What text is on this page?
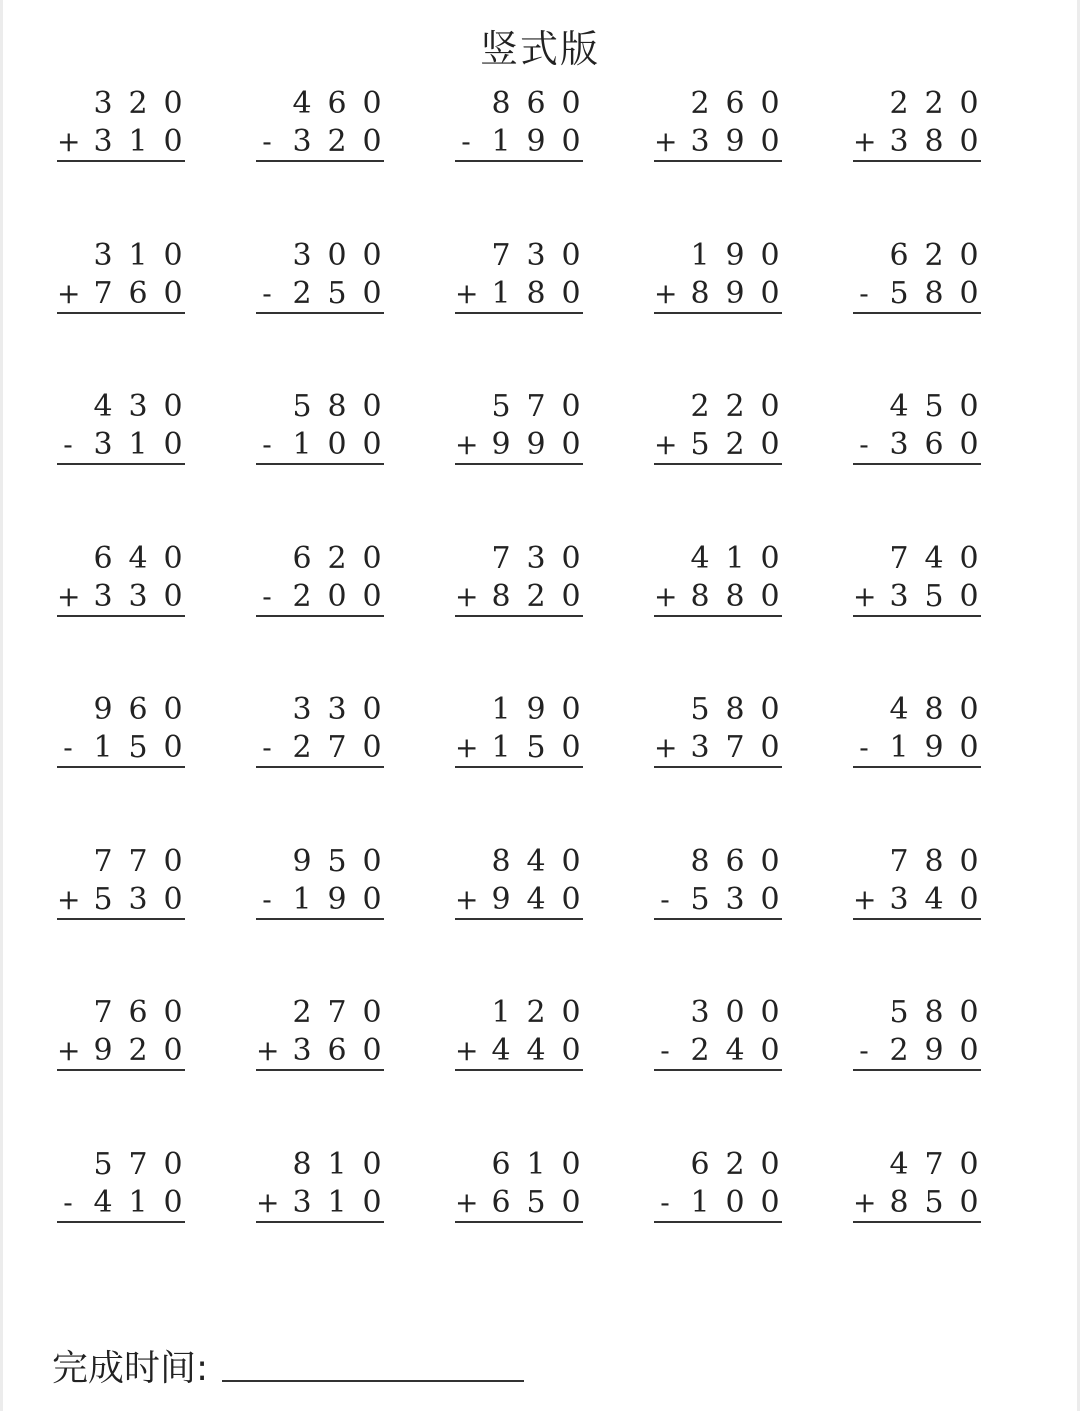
竖式版
3 2 0
+ 3 1 0
4 6 0
- 3 2 0
8 6 0
- 1 9 0
2 6 0
+ 3 9 0
2 2 0
+ 3 8 0
3 1 0
+ 7 6 0
3 0 0
- 2 5 0
7 3 0
+ 1 8 0
1 9 0
+ 8 9 0
6 2 0
- 5 8 0
4 3 0
- 3 1 0
5 8 0
- 1 0 0
5 7 0
+ 9 9 0
2 2 0
+ 5 2 0
4 5 0
- 3 6 0
6 4 0
+ 3 3 0
6 2 0
- 2 0 0
7 3 0
+ 8 2 0
4 1 0
+ 8 8 0
7 4 0
+ 3 5 0
9 6 0
- 1 5 0
3 3 0
- 2 7 0
1 9 0
+ 1 5 0
5 8 0
+ 3 7 0
4 8 0
- 1 9 0
7 7 0
+ 5 3 0
9 5 0
- 1 9 0
8 4 0
+ 9 4 0
8 6 0
- 5 3 0
7 8 0
+ 3 4 0
7 6 0
+ 9 2 0
2 7 0
+ 3 6 0
1 2 0
+ 4 4 0
3 0 0
- 2 4 0
5 8 0
- 2 9 0
5 7 0
- 4 1 0
8 1 0
+ 3 1 0
6 1 0
+ 6 5 0
6 2 0
- 1 0 0
4 7 0
+ 8 5 0
完成时间:
